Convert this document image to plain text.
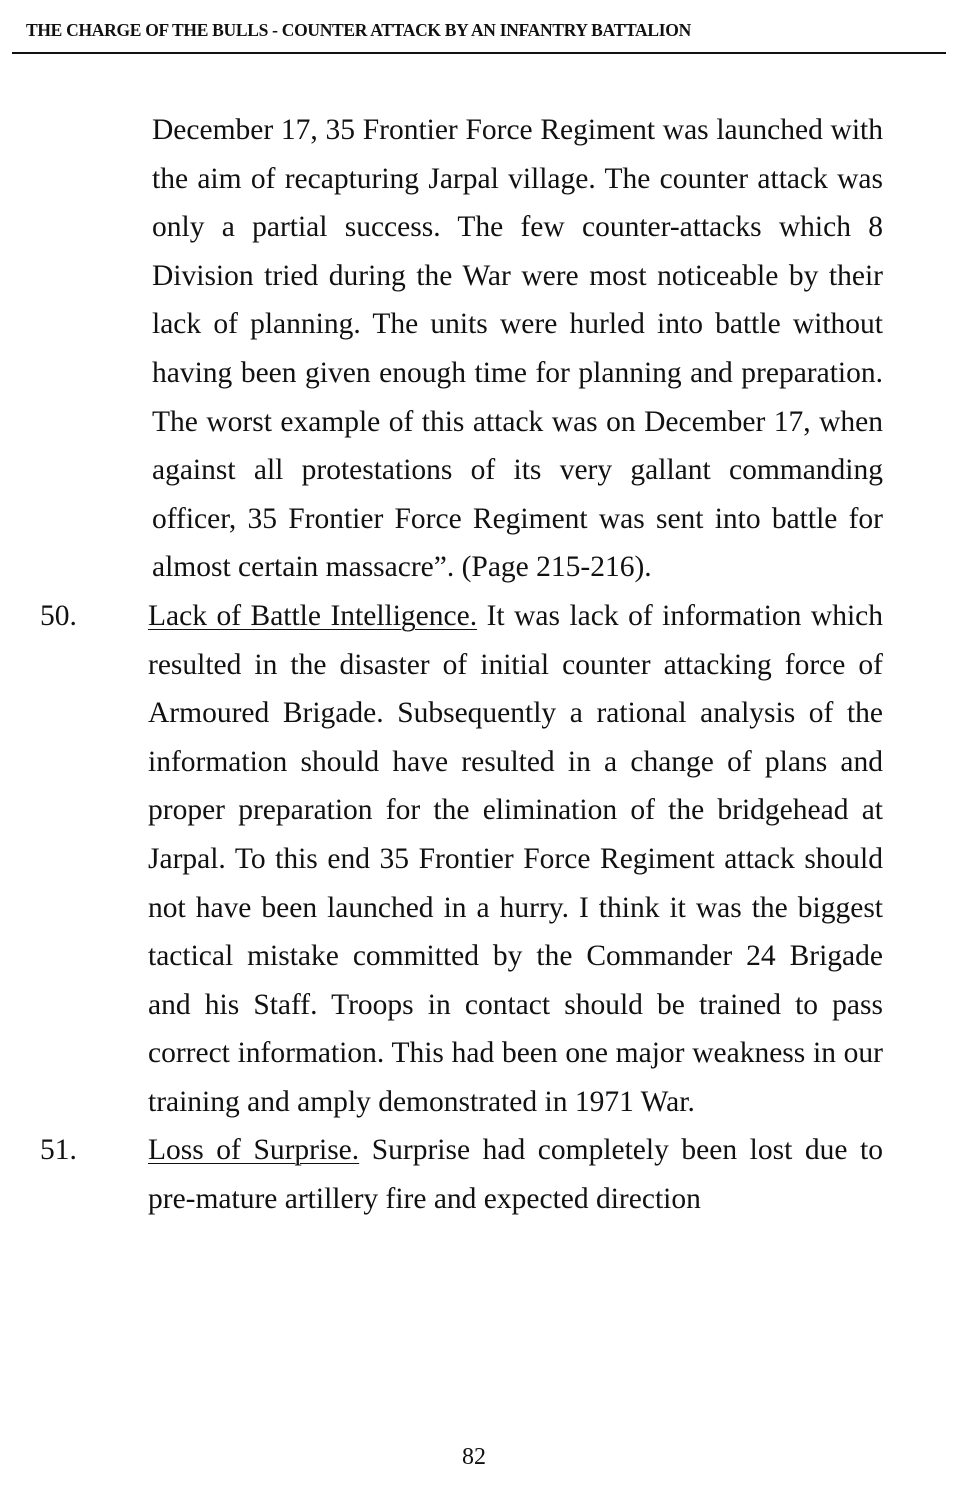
THE CHARGE OF THE BULLS - COUNTER ATTACK BY AN INFANTRY BATTALION

December 17, 35 Frontier Force Regiment was launched with the aim of recapturing Jarpal village. The counter attack was only a partial success. The few counter-attacks which 8 Division tried during the War were most noticeable by their lack of planning. The units were hurled into battle without having been given enough time for planning and preparation. The worst example of this attack was on December 17, when against all protestations of its very gallant commanding officer, 35 Frontier Force Regiment was sent into battle for almost certain massacre”. (Page 215-216).

50. Lack of Battle Intelligence. It was lack of information which resulted in the disaster of initial counter attacking force of Armoured Brigade. Subsequently a rational analysis of the information should have resulted in a change of plans and proper preparation for the elimination of the bridgehead at Jarpal. To this end 35 Frontier Force Regiment attack should not have been launched in a hurry. I think it was the biggest tactical mistake committed by the Commander 24 Brigade and his Staff. Troops in contact should be trained to pass correct information. This had been one major weakness in our training and amply demonstrated in 1971 War.

51. Loss of Surprise. Surprise had completely been lost due to pre-mature artillery fire and expected direction

82
